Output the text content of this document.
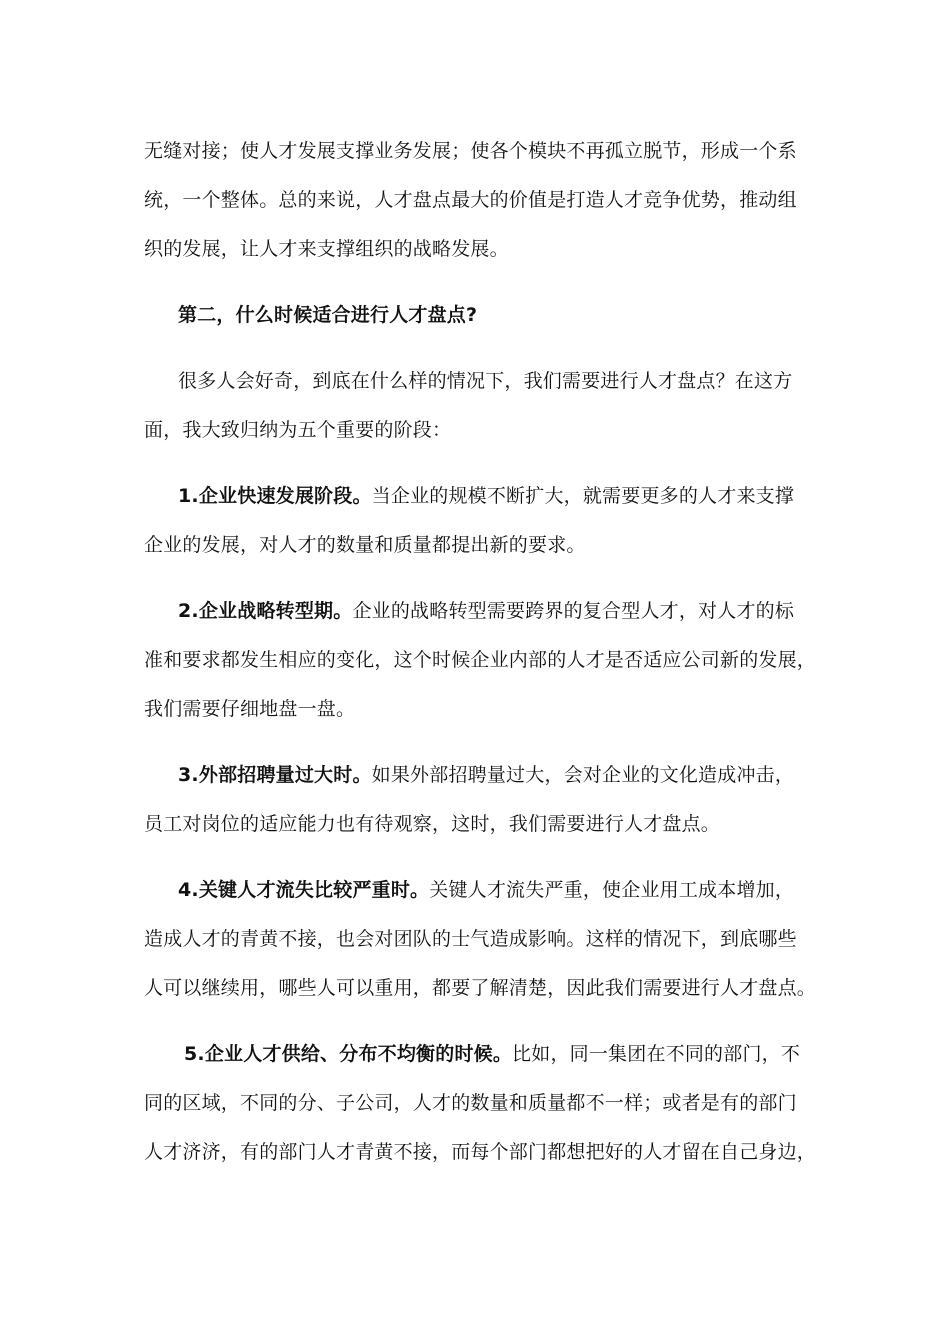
无缝对接；使人才发展支撑业务发展；使各个模块不再孤立脱节，形成一个系
统，一个整体。总的来说，人才盘点最大的价值是打造人才竞争优势，推动组
织的发展，让人才来支撑组织的战略发展。
第二，什么时候适合进行人才盘点?
很多人会好奇，到底在什么样的情况下，我们需要进行人才盘点？在这方
面，我大致归纳为五个重要的阶段：
1.企业快速发展阶段。当企业的规模不断扩大，就需要更多的人才来支撑
企业的发展，对人才的数量和质量都提出新的要求。
2.企业战略转型期。企业的战略转型需要跨界的复合型人才，对人才的标
准和要求都发生相应的变化，这个时候企业内部的人才是否适应公司新的发展，
我们需要仔细地盘一盘。
3.外部招聘量过大时。如果外部招聘量过大，会对企业的文化造成冲击，
员工对岗位的适应能力也有待观察，这时，我们需要进行人才盘点。
4.关键人才流失比较严重时。关键人才流失严重，使企业用工成本增加，
造成人才的青黄不接，也会对团队的士气造成影响。这样的情况下，到底哪些
人可以继续用，哪些人可以重用，都要了解清楚，因此我们需要进行人才盘点。
5.企业人才供给、分布不均衡的时候。比如，同一集团在不同的部门，不
同的区域，不同的分、子公司，人才的数量和质量都不一样；或者是有的部门
人才济济，有的部门人才青黄不接，而每个部门都想把好的人才留在自己身边，
